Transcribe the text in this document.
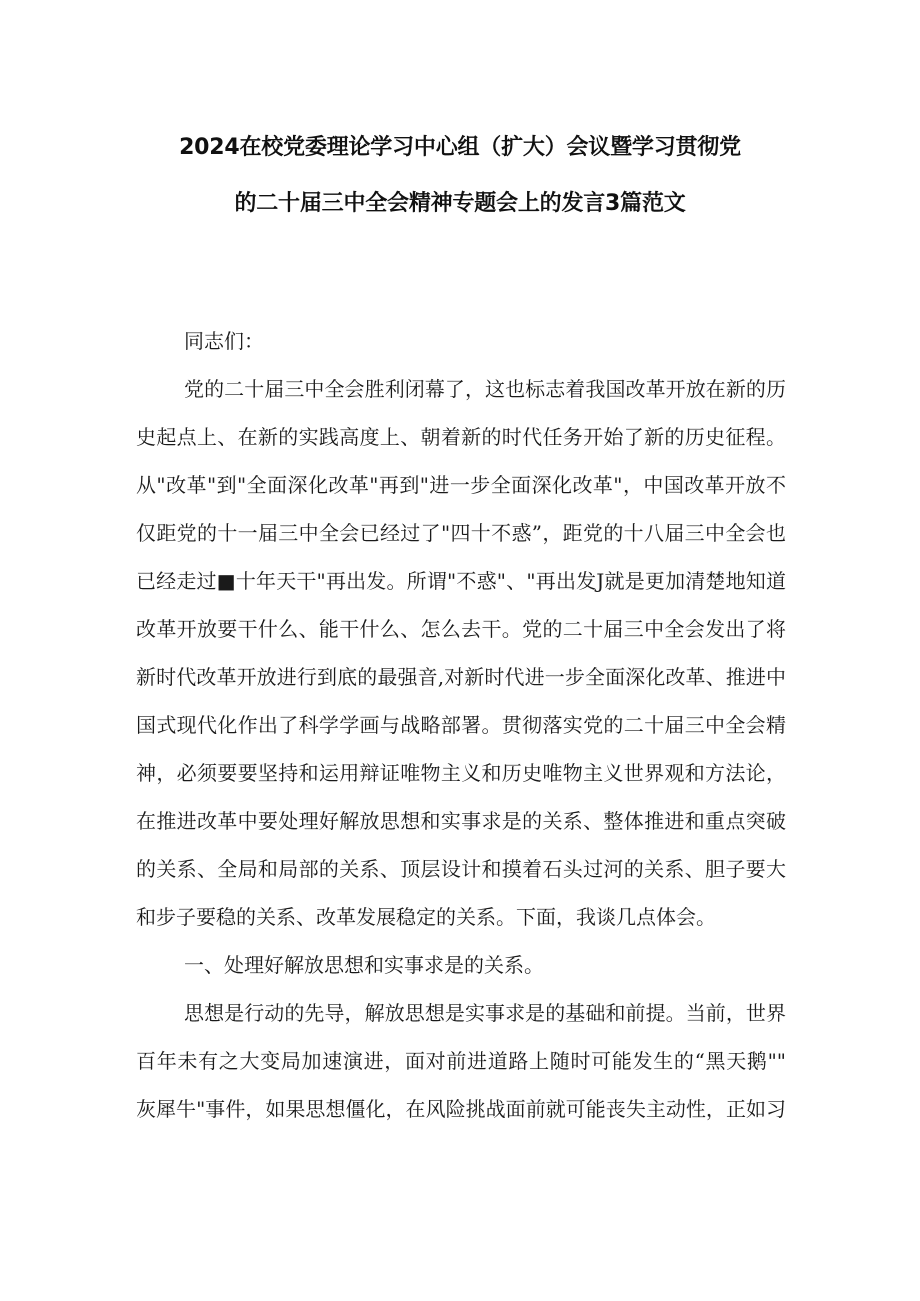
2024在校党委理论学习中心组（扩大）会议暨学习贯彻党
的二十届三中全会精神专题会上的发言3篇范文
同志们：
党的二十届三中全会胜利闭幕了，这也标志着我国改革开放在新的历
史起点上、在新的实践高度上、朝着新的时代任务开始了新的历史征程。
从"改革"到"全面深化改革"再到"进一步全面深化改革"，中国改革开放不
仅距党的十一届三中全会已经过了"四十不惑”，距党的十八届三中全会也
已经走过■十年天干"再出发。所谓"不惑"、"再出发J就是更加清楚地知道
改革开放要干什么、能干什么、怎么去干。党的二十届三中全会发出了将
新时代改革开放进行到底的最强音,对新时代进一步全面深化改革、推进中
国式现代化作出了科学学画与战略部署。贯彻落实党的二十届三中全会精
神，必须要要坚持和运用辩证唯物主义和历史唯物主义世界观和方法论，
在推进改革中要处理好解放思想和实事求是的关系、整体推进和重点突破
的关系、全局和局部的关系、顶层设计和摸着石头过河的关系、胆子要大
和步子要稳的关系、改革发展稳定的关系。下面，我谈几点体会。
一、处理好解放思想和实事求是的关系。
思想是行动的先导，解放思想是实事求是的基础和前提。当前，世界
百年未有之大变局加速演进，面对前进道路上随时可能发生的“黑天鹅""
灰犀牛"事件，如果思想僵化，在风险挑战面前就可能丧失主动性，正如习
